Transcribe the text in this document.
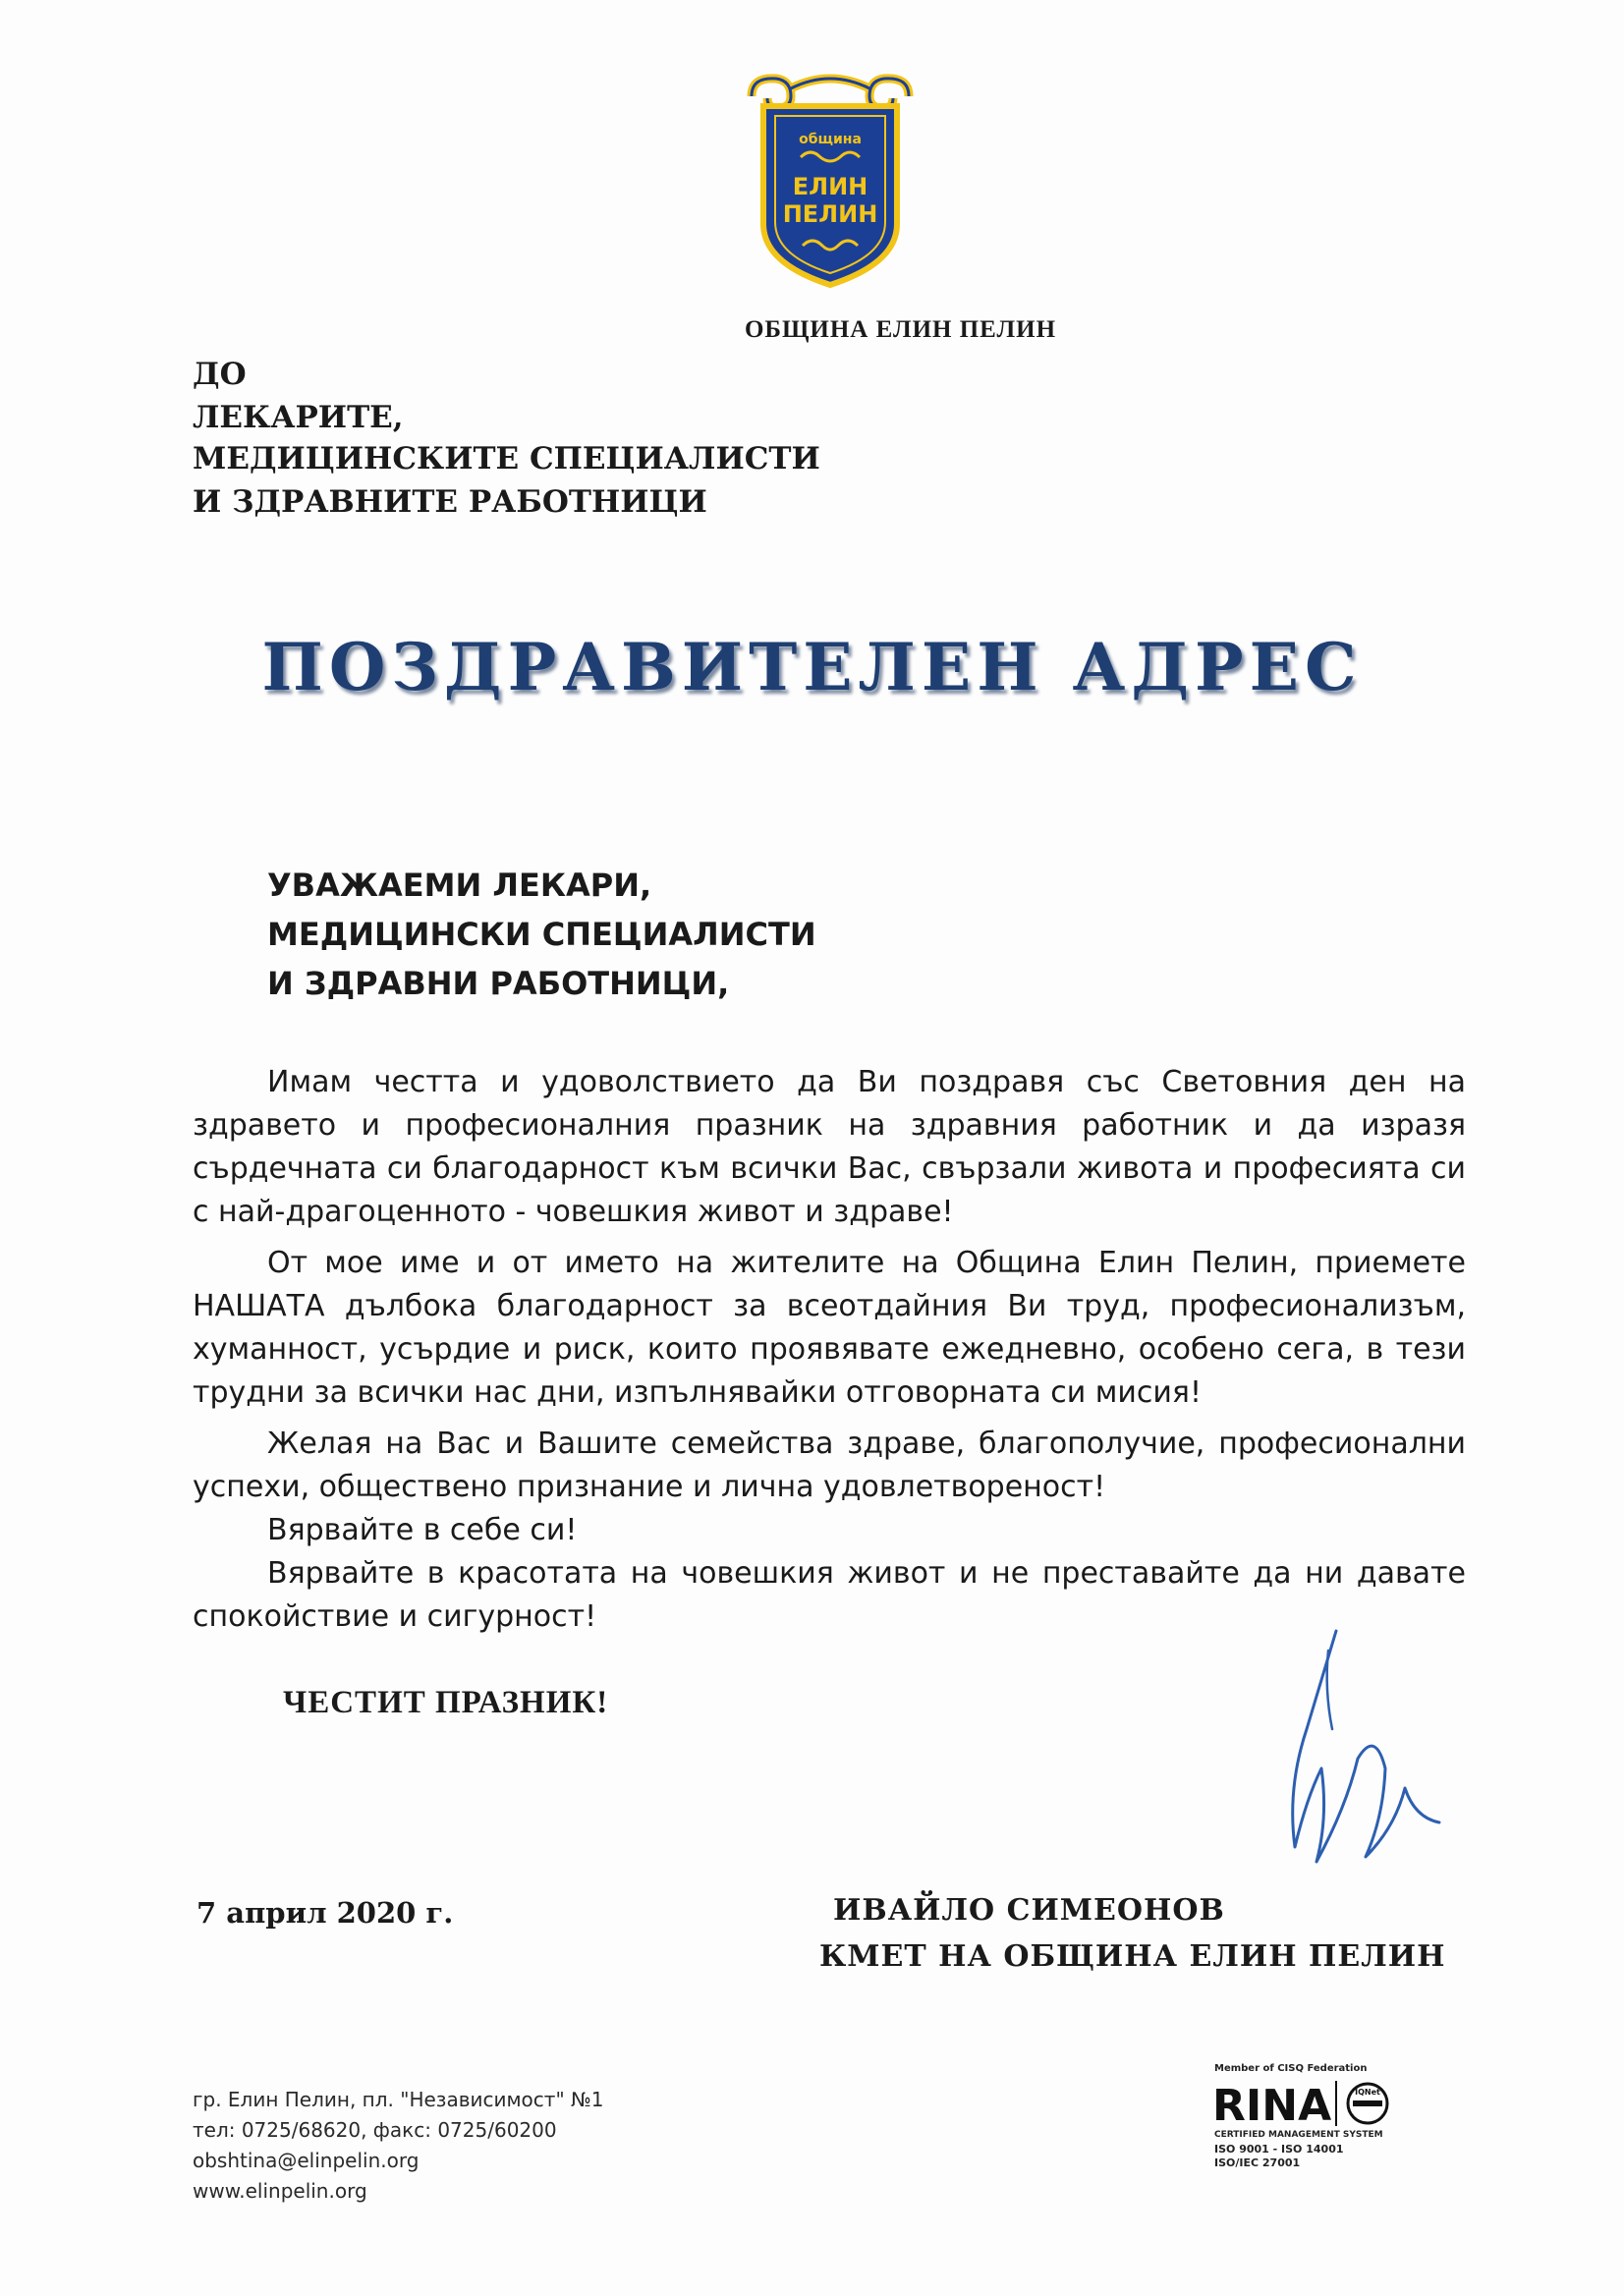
община
ЕЛИН
ПЕЛИН
ОБЩИНА ЕЛИН ПЕЛИН
ДО
ЛЕКАРИТЕ,
МЕДИЦИНСКИТЕ СПЕЦИАЛИСТИ
И ЗДРАВНИТЕ РАБОТНИЦИ
ПОЗДРАВИТЕЛЕН АДРЕС
УВАЖАЕМИ ЛЕКАРИ,
МЕДИЦИНСКИ СПЕЦИАЛИСТИ
И ЗДРАВНИ РАБОТНИЦИ,

Имам честта и удоволствието да Ви поздравя със Световния ден на здравето и професионалния празник на здравния работник и да изразя сърдечната си благодарност към всички Вас, свързали живота и професията си с най-драгоценното - човешкия живот и здраве!

От мое име и от името на жителите на Община Елин Пелин, приемете НАШАТА дълбока благодарност за всеотдайния Ви труд, професионализъм, хуманност, усърдие и риск, които проявявате ежедневно, особено сега, в тези трудни за всички нас дни, изпълнявайки отговорната си мисия!

Желая на Вас и Вашите семейства здраве, благополучие, професионални успехи, обществено признание и лична удовлетвореност!

Вярвайте в себе си!

Вярвайте в красотата на човешкия живот и не преставайте да ни давате спокойствие и сигурност!

ЧЕСТИТ ПРАЗНИК!
7 април 2020 г.	ИВАЙЛО СИМЕОНОВ
КМЕТ НА ОБЩИНА ЕЛИН ПЕЛИН
гр. Елин Пелин, пл. "Независимост" №1
тел: 0725/68620, факс: 0725/60200
obshtina@elinpelin.org
www.elinpelin.org
Member of CISQ Federation
RINA	IQNet
CERTIFIED MANAGEMENT SYSTEM
ISO 9001 - ISO 14001
ISO/IEC 27001
